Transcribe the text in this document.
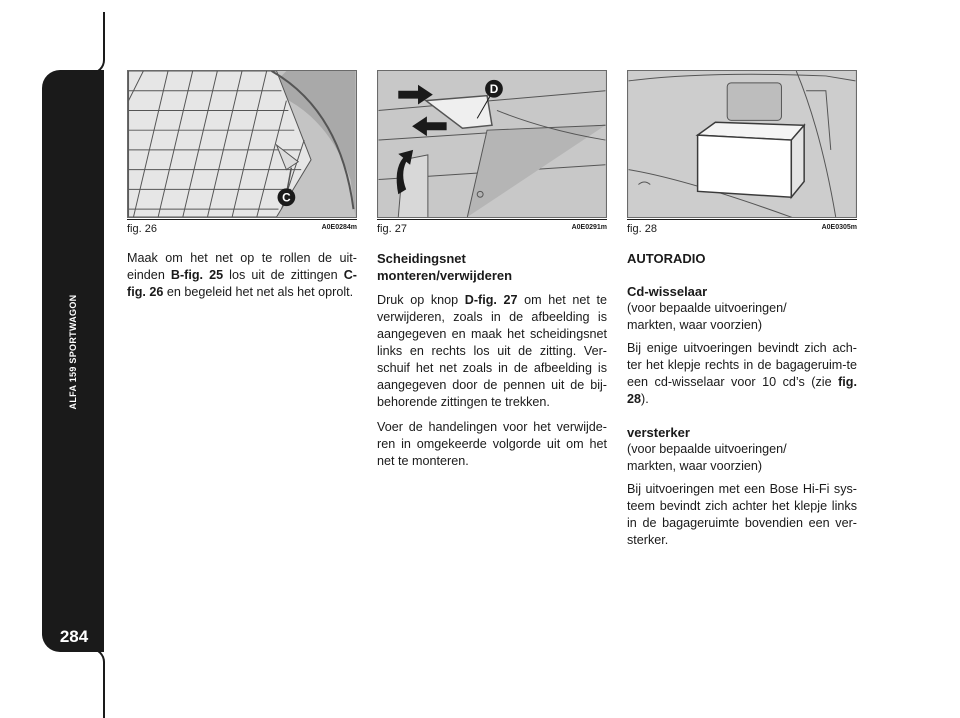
ALFA 159 SPORTWAGON
284
C
fig. 26	A0E0284m
D
fig. 27	A0E0291m fig. 28	A0E0305m

Maak om het net op te rollen de uit-einden B-fig. 25 los uit de zittingen C-fig. 26 en begeleid het net als het oprolt.

Scheidingsnet
monteren/verwijderen

Druk op knop D-fig. 27 om het net te verwijderen, zoals in de afbeelding is aangegeven en maak het scheidingsnet links en rechts los uit de zitting. Ver-schuif het net zoals in de afbeelding is aangegeven door de pennen uit de bij-behorende zittingen te trekken.

Voer de handelingen voor het verwijde-ren in omgekeerde volgorde uit om het net te monteren.

AUTORADIO
Cd-wisselaar
(voor bepaalde uitvoeringen/
markten, waar voorzien)

Bij enige uitvoeringen bevindt zich ach-ter het klepje rechts in de bagageruim-te een cd-wisselaar voor 10 cd’s (zie fig. 28).

versterker
(voor bepaalde uitvoeringen/
markten, waar voorzien)

Bij uitvoeringen met een Bose Hi-Fi sys-teem bevindt zich achter het klepje links in de bagageruimte bovendien een ver-sterker.
